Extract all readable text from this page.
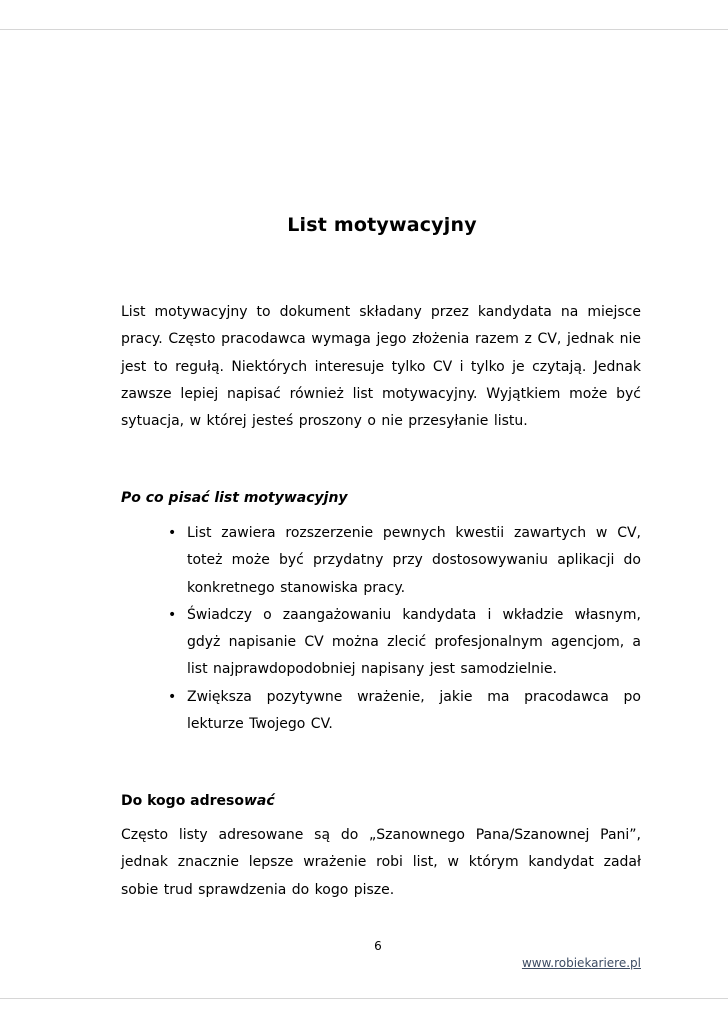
List motywacyjny

List motywacyjny to dokument składany przez kandydata na miejsce pracy. Często pracodawca wymaga jego złożenia razem z CV, jednak nie jest to regułą. Niektórych interesuje tylko CV i tylko je czytają. Jednak zawsze lepiej napisać również list motywacyjny. Wyjątkiem może być sytuacja, w której jesteś proszony o nie przesyłanie listu.

Po co pisać list motywacyjny
• List zawiera rozszerzenie pewnych kwestii zawartych w CV, toteż może być przydatny przy dostosowywaniu aplikacji do konkretnego stanowiska pracy.
• Świadczy o zaangażowaniu kandydata i wkładzie własnym, gdyż napisanie CV można zlecić profesjonalnym agencjom, a list najprawdopodobniej napisany jest samodzielnie.
• Zwiększa pozytywne wrażenie, jakie ma pracodawca po lekturze Twojego CV.
Do kogo adresować

Często listy adresowane są do „Szanownego Pana/Szanownej Pani”, jednak znacznie lepsze wrażenie robi list, w którym kandydat zadał sobie trud sprawdzenia do kogo pisze.

6

www.robiekariere.pl
